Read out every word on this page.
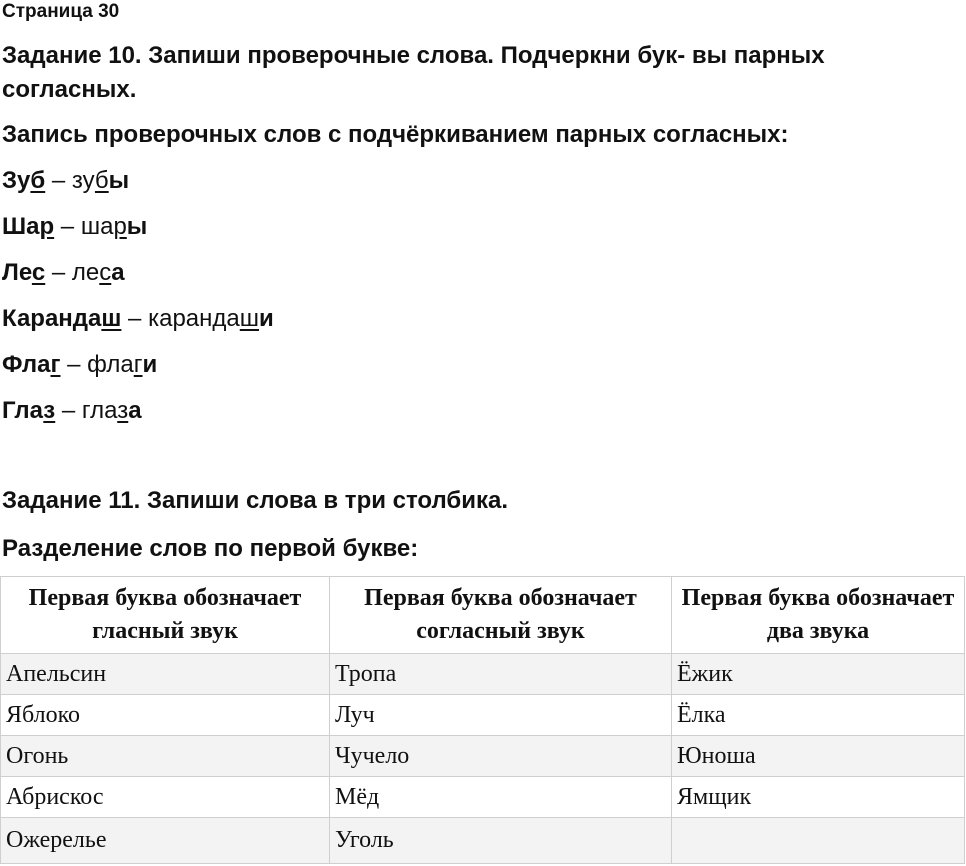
Страница 30
Задание 10. Запиши проверочные слова. Подчеркни бук- вы парных согласных.
Запись проверочных слов с подчёркиванием парных согласных:
Зуб – зубы
Шар – шары
Лес – леса
Карандаш – карандаши
Флаг – флаги
Глаз – глаза
Задание 11. Запиши слова в три столбика.
Разделение слов по первой букве:
Первая буква обозначает гласный звук	Первая буква обозначает согласный звук	Первая буква обозначает два звука
Апельсин	Тропа	Ёжик
Яблоко	Луч	Ёлка
Огонь	Чучело	Юноша
Абрискос	Мёд	Ямщик
Ожерелье	Уголь	
